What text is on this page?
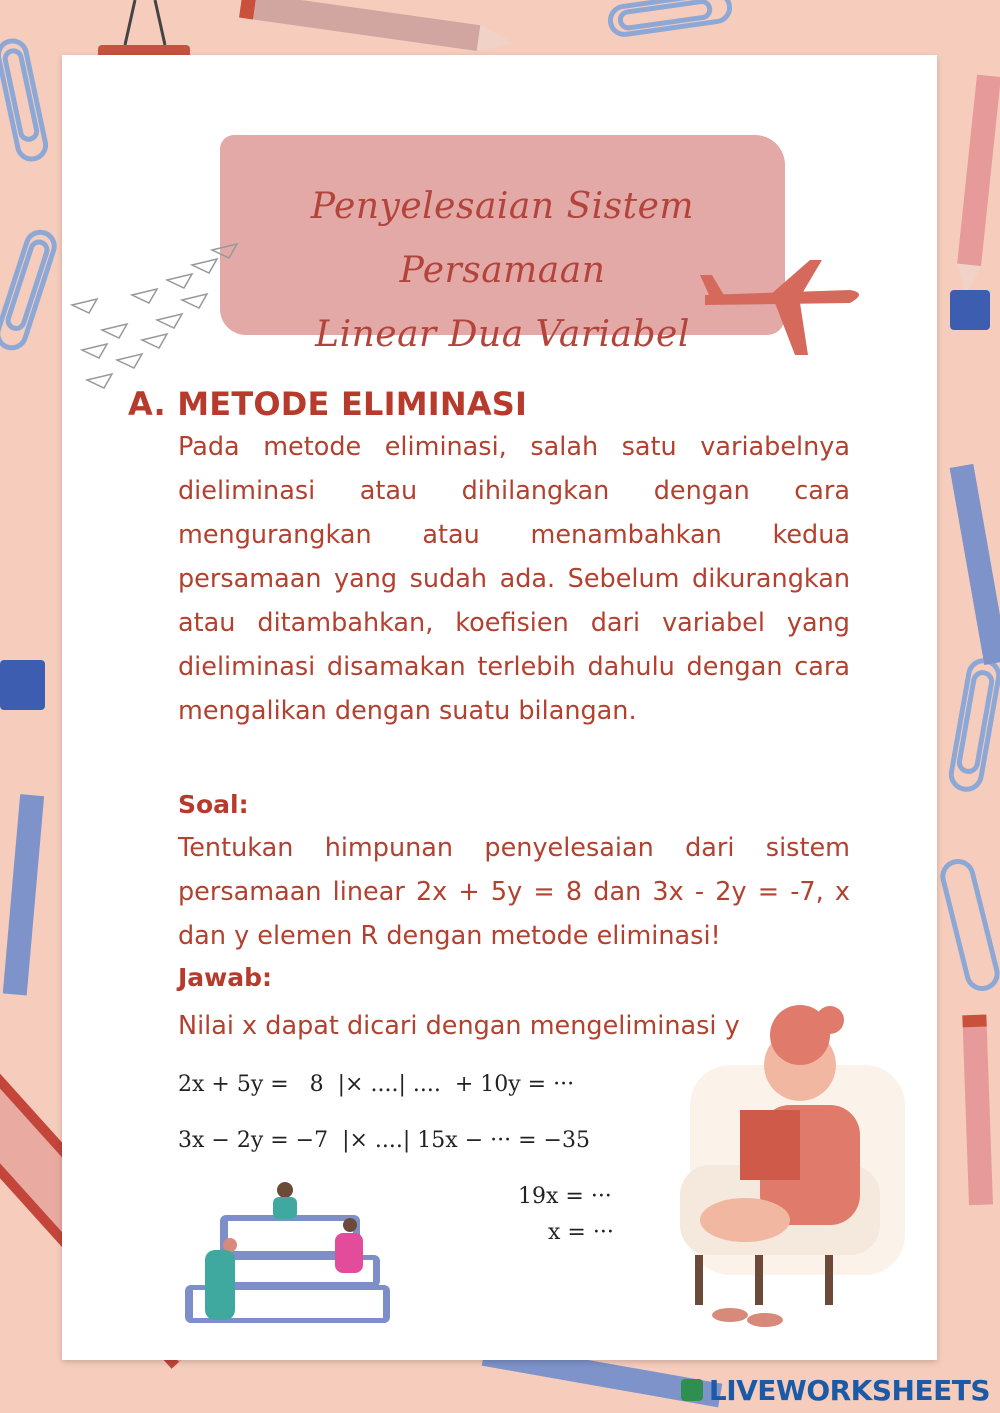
Penyelesaian Sistem Persamaan
Linear Dua Variabel
A. METODE ELIMINASI

Pada metode eliminasi, salah satu variabelnya dieliminasi atau dihilangkan dengan cara mengurangkan atau menambahkan kedua persamaan yang sudah ada. Sebelum dikurangkan atau ditambahkan, koefisien dari variabel yang dieliminasi disamakan terlebih dahulu dengan cara mengalikan dengan suatu bilangan.

Soal:

Tentukan himpunan penyelesaian dari sistem persamaan linear 2x + 5y = 8 dan 3x - 2y = -7, x dan y elemen R dengan metode eliminasi!

Jawab:

Nilai x dapat dicari dengan mengeliminasi y

2x + 5y =   8  |× ....| ....  + 10y = ···
3x − 2y = −7  |× ....| 15x − ··· = −35
19x = ···
x = ···
LIVEWORKSHEETS
